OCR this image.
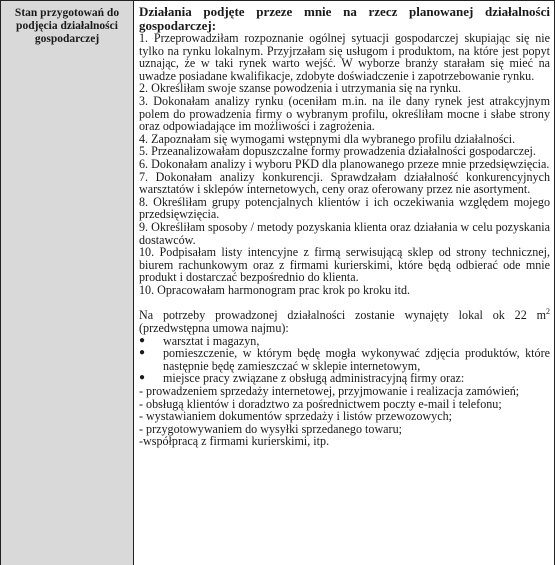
Stan przygotowań do podjęcia działalności gospodarczej

Działania podjęte przeze mnie na rzecz planowanej działalności gospodarczej:

1. Przeprowadziłam rozpoznanie ogólnej sytuacji gospodarczej skupiając się nie tylko na rynku lokalnym. Przyjrzałam się usługom i produktom, na które jest popyt uznając, że w taki rynek warto wejść. W wyborze branży starałam się mieć na uwadze posiadane kwalifikacje, zdobyte doświadczenie i zapotrzebowanie rynku.

2. Określiłam swoje szanse powodzenia i utrzymania się na rynku.

3. Dokonałam analizy rynku (oceniłam m.in. na ile dany rynek jest atrakcyjnym polem do prowadzenia firmy o wybranym profilu, określiłam mocne i słabe strony oraz odpowiadające im możliwości i zagrożenia.

4. Zapoznałam się wymogami wstępnymi dla wybranego profilu działalności.

5. Przeanalizowałam dopuszczalne formy prowadzenia działalności gospodarczej.

6. Dokonałam analizy i wyboru PKD dla planowanego przeze mnie przedsięwzięcia.

7. Dokonałam analizy konkurencji. Sprawdzałam działalność konkurencyjnych warsztatów i sklepów internetowych, ceny oraz oferowany przez nie asortyment.

8. Określiłam grupy potencjalnych klientów i ich oczekiwania względem mojego przedsięwzięcia.

9. Określiłam sposoby / metody pozyskania klienta oraz działania w celu pozyskania dostawców.

10. Podpisałam listy intencyjne z firmą serwisującą sklep od strony technicznej, biurem rachunkowym oraz z firmami kurierskimi, które będą odbierać ode mnie produkt i dostarczać bezpośrednio do klienta.

10. Opracowałam harmonogram prac krok po kroku itd.

Na potrzeby prowadzonej działalności zostanie wynajęty lokal ok 22 $m^2$ (przedwstępna umowa najmu):

●	warsztat i magazyn,
●	pomieszczenie, w którym będę mogła wykonywać zdjęcia produktów, które następnie będę zamieszczać w sklepie internetowym,
●	miejsce pracy związane z obsługą administracyjną firmy oraz:

- prowadzeniem sprzedaży internetowej, przyjmowanie i realizacja zamówień;

- obsługą klientów i doradztwo za pośrednictwem poczty e-mail i telefonu;

- wystawianiem dokumentów sprzedaży i listów przewozowych;

- przygotowywaniem do wysyłki sprzedanego towaru;

-współpracą z firmami kurierskimi, itp.
